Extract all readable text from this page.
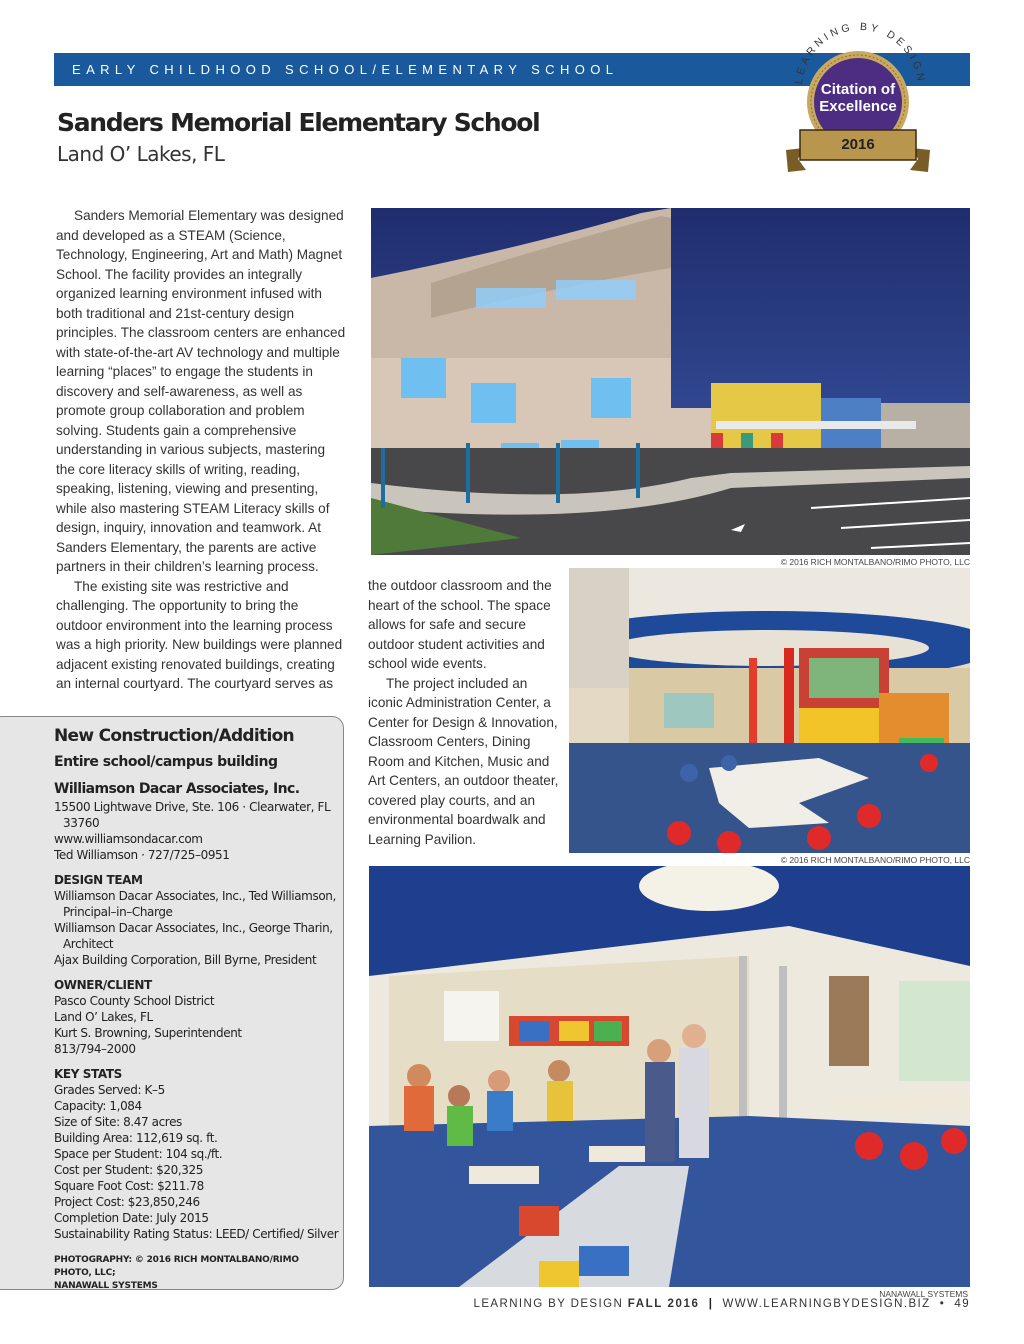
EARLY CHILDHOOD SCHOOL/ELEMENTARY SCHOOL
LEARNING BY DESIGN
Citation of
Excellence
2016
Sanders Memorial Elementary School
Land O’ Lakes, FL

Sanders Memorial Elementary was designed and developed as a STEAM (Science, Technology, Engineering, Art and Math) Magnet School. The facility provides an integrally organized learning environment infused with both traditional and 21st-century design principles. The classroom centers are enhanced with state-of-the-art AV technology and multiple learning “places” to engage the students in discovery and self-awareness, as well as promote group collaboration and problem solving. Students gain a comprehensive understanding in various subjects, mastering the core literacy skills of writing, reading, speaking, listening, viewing and presenting, while also mastering STEAM Literacy skills of design, inquiry, innovation and teamwork. At Sanders Elementary, the parents are active partners in their children’s learning process.

The existing site was restrictive and challenging. The opportunity to bring the outdoor environment into the learning process was a high priority. New buildings were planned adjacent existing renovated buildings, creating an internal courtyard. The courtyard serves as

the outdoor classroom and the heart of the school. The space allows for safe and secure outdoor student activities and school wide events.

The project included an iconic Administration Center, a Center for Design & Innovation, Classroom Centers, Dining Room and Kitchen, Music and Art Centers, an outdoor theater, covered play courts, and an environmental boardwalk and Learning Pavilion.

© 2016 RICH MONTALBANO/RIMO PHOTO, LLC
© 2016 RICH MONTALBANO/RIMO PHOTO, LLC
NANAWALL SYSTEMS
New Construction/Addition
Entire school/campus building
Williamson Dacar Associates, Inc.
15500 Lightwave Drive, Ste. 106 · Clearwater, FL
33760
www.williamsondacar.com
Ted Williamson · 727/725–0951
DESIGN TEAM
Williamson Dacar Associates, Inc., Ted Williamson,
Principal–in–Charge
Williamson Dacar Associates, Inc., George Tharin,
Architect
Ajax Building Corporation, Bill Byrne, President
OWNER/CLIENT
Pasco County School District
Land O’ Lakes, FL
Kurt S. Browning, Superintendent
813/794–2000
KEY STATS
Grades Served: K–5
Capacity: 1,084
Size of Site: 8.47 acres
Building Area: 112,619 sq. ft.
Space per Student: 104 sq./ft.
Cost per Student: $20,325
Square Foot Cost: $211.78
Project Cost: $23,850,246
Completion Date: July 2015
Sustainability Rating Status: LEED/ Certified/ Silver
PHOTOGRAPHY: © 2016 RICH MONTALBANO/RIMO PHOTO, LLC;
NANAWALL SYSTEMS
LEARNING BY DESIGN FALL 2016  |  WWW.LEARNINGBYDESIGN.BIZ  •  49
